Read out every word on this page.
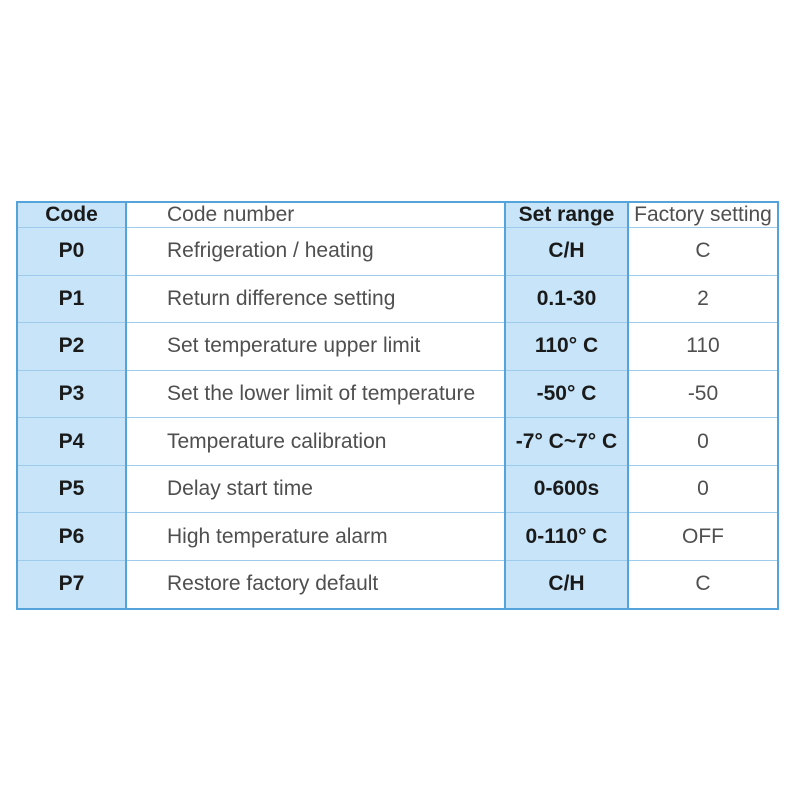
Code	Code number	Set range	Factory setting
P0	Refrigeration / heating	C/H	C
P1	Return difference setting	0.1-30	2
P2	Set temperature upper limit	110° C	110
P3	Set the lower limit of temperature	-50° C	-50
P4	Temperature calibration	-7° C~7° C	0
P5	Delay start time	0-600s	0
P6	High temperature alarm	0-110° C	OFF
P7	Restore factory default	C/H	C
